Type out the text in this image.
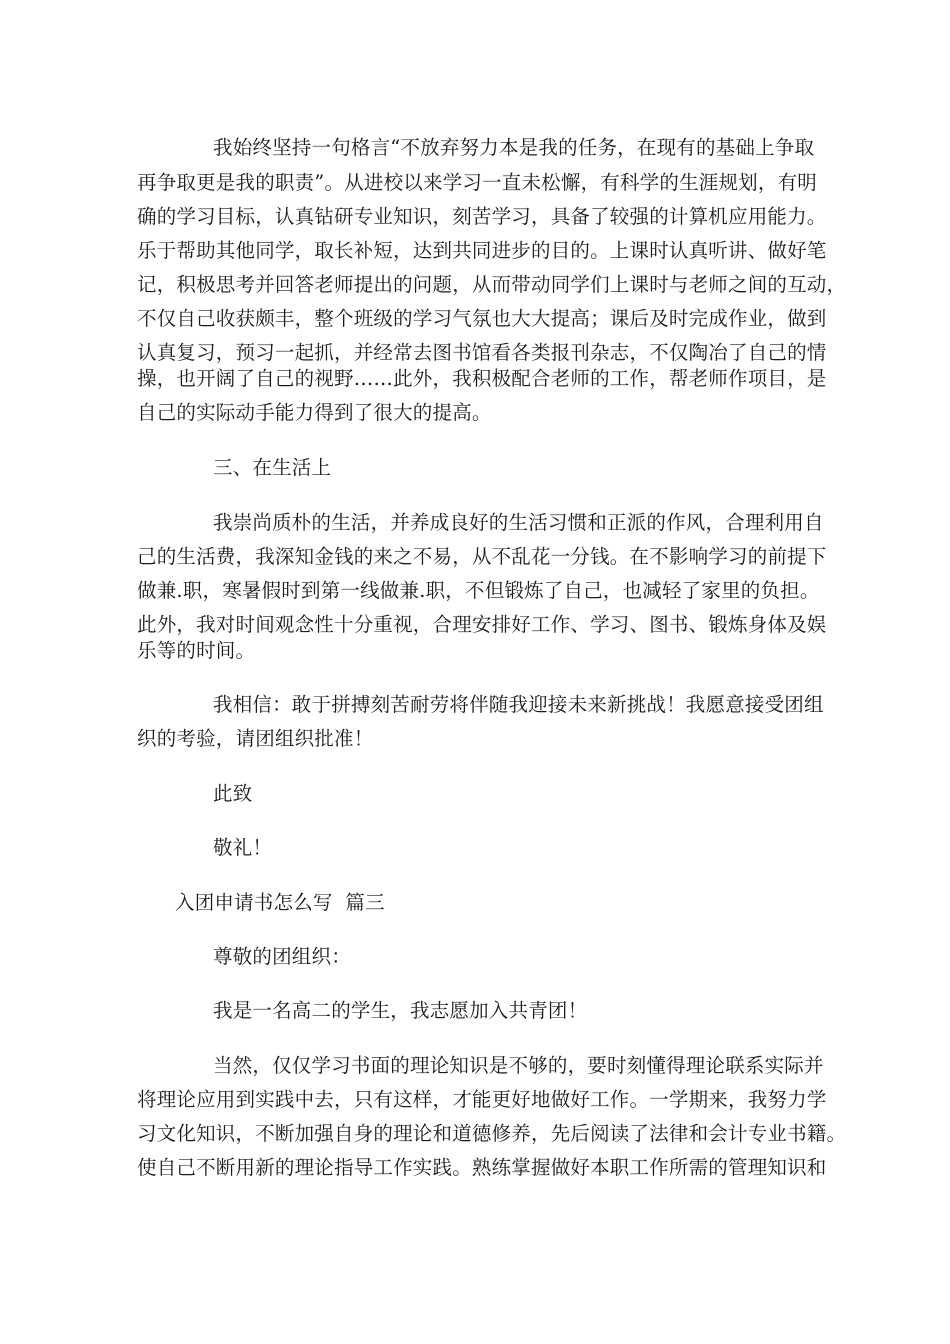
我始终坚持一句格言“不放弃努力本是我的任务，在现有的基础上争取
再争取更是我的职责”。从进校以来学习一直未松懈，有科学的生涯规划，有明
确的学习目标，认真钻研专业知识，刻苦学习，具备了较强的计算机应用能力。
乐于帮助其他同学，取长补短，达到共同进步的目的。上课时认真听讲、做好笔
记，积极思考并回答老师提出的问题，从而带动同学们上课时与老师之间的互动，
不仅自己收获颇丰，整个班级的学习气氛也大大提高；课后及时完成作业，做到
认真复习，预习一起抓，并经常去图书馆看各类报刊杂志，不仅陶冶了自己的情
操，也开阔了自己的视野……此外，我积极配合老师的工作，帮老师作项目，是
自己的实际动手能力得到了很大的提高。
三、在生活上
我崇尚质朴的生活，并养成良好的生活习惯和正派的作风，合理利用自
己的生活费，我深知金钱的来之不易，从不乱花一分钱。在不影响学习的前提下
做兼.职，寒暑假时到第一线做兼.职，不但锻炼了自己，也减轻了家里的负担。
此外，我对时间观念性十分重视，合理安排好工作、学习、图书、锻炼身体及娱
乐等的时间。
我相信：敢于拼搏刻苦耐劳将伴随我迎接未来新挑战！我愿意接受团组
织的考验，请团组织批准！
此致
敬礼！
入团申请书怎么写  篇三
尊敬的团组织：
我是一名高二的学生，我志愿加入共青团！
当然，仅仅学习书面的理论知识是不够的，要时刻懂得理论联系实际并
将理论应用到实践中去，只有这样，才能更好地做好工作。一学期来，我努力学
习文化知识，不断加强自身的理论和道德修养，先后阅读了法律和会计专业书籍。
使自己不断用新的理论指导工作实践。熟练掌握做好本职工作所需的管理知识和
